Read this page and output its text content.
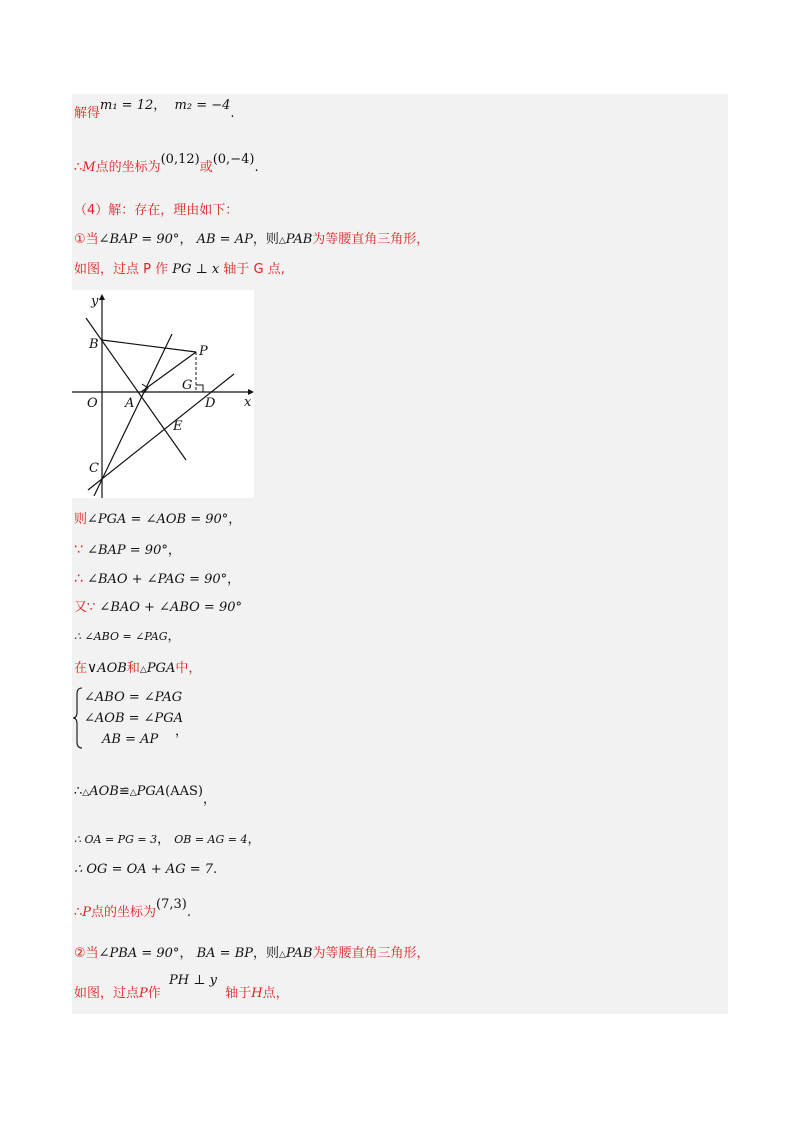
解得m₁ = 12， m₂ = −4.
∴M点的坐标为(0,12)或(0,−4).
（4）解：存在，理由如下：
①当∠BAP = 90°， AB = AP，则△PAB为等腰直角三角形，
如图，过点 P 作 PG ⊥ x 轴于 G 点,
y
x
O A
B
C
D
E
G
P
则∠PGA = ∠AOB = 90°，
∵ ∠BAP = 90°，
∴ ∠BAO + ∠PAG = 90°，
又∵ ∠BAO + ∠ABO = 90°
∴ ∠ABO = ∠PAG，
在∨AOB和△PGA中，
∠ABO = ∠PAG
∠AOB = ∠PGA
AB = AP
，
∴△AOB≌△PGA(AAS)，
∴ OA = PG = 3， OB = AG = 4，
∴ OG = OA + AG = 7.
∴P点的坐标为(7,3).
②当∠PBA = 90°， BA = BP，则△PAB为等腰直角三角形，
如图，过点P作  PH ⊥ y  轴于H点，
